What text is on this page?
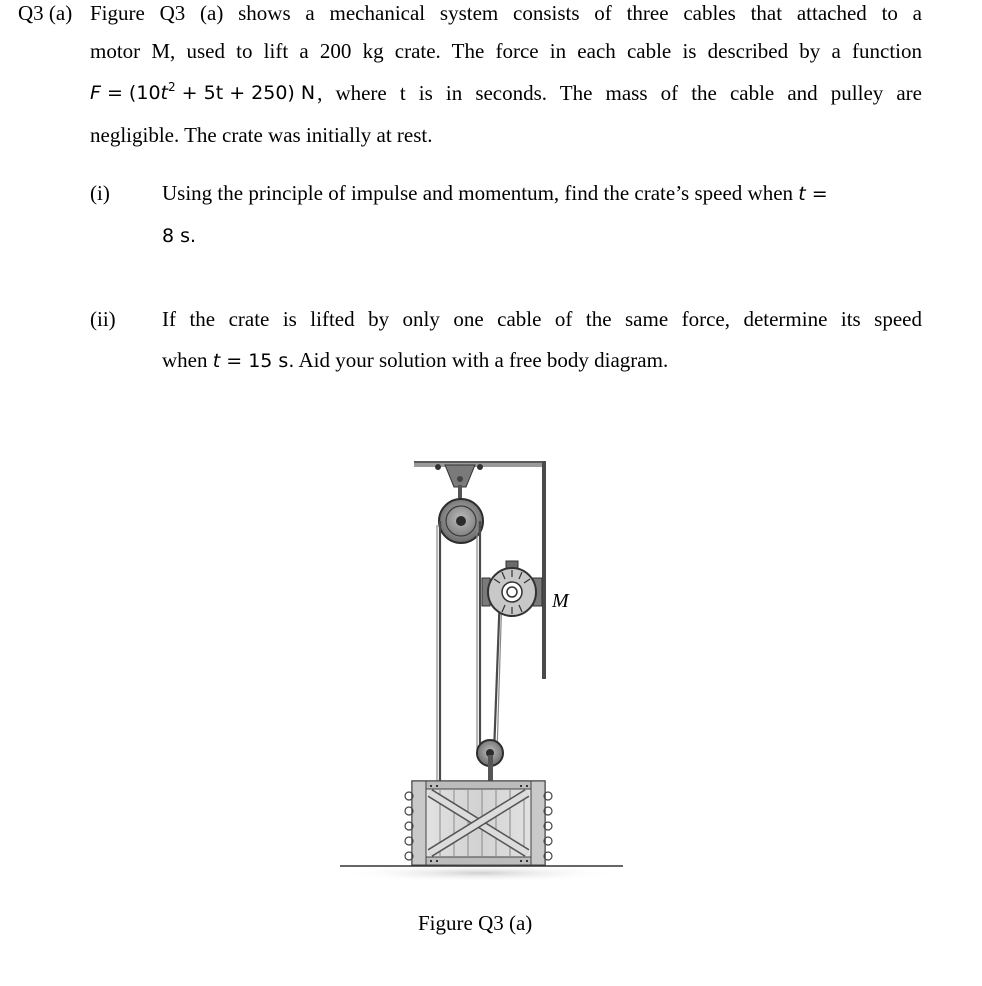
Q3 (a) Figure Q3 (a) shows a mechanical system consists of three cables that attached to a
motor M, used to lift a 200 kg crate. The force in each cable is described by a function
$F = (10t^2 + 5t + 250)$ N , where t is in seconds. The mass of the cable and pulley are
negligible. The crate was initially at rest.
(i) Using the principle of impulse and momentum, find the crate’s speed when t =
8 s.
(ii) If the crate is lifted by only one cable of the same force, determine its speed
when t = 15 s. Aid your solution with a free body diagram.
M
Figure Q3 (a)
